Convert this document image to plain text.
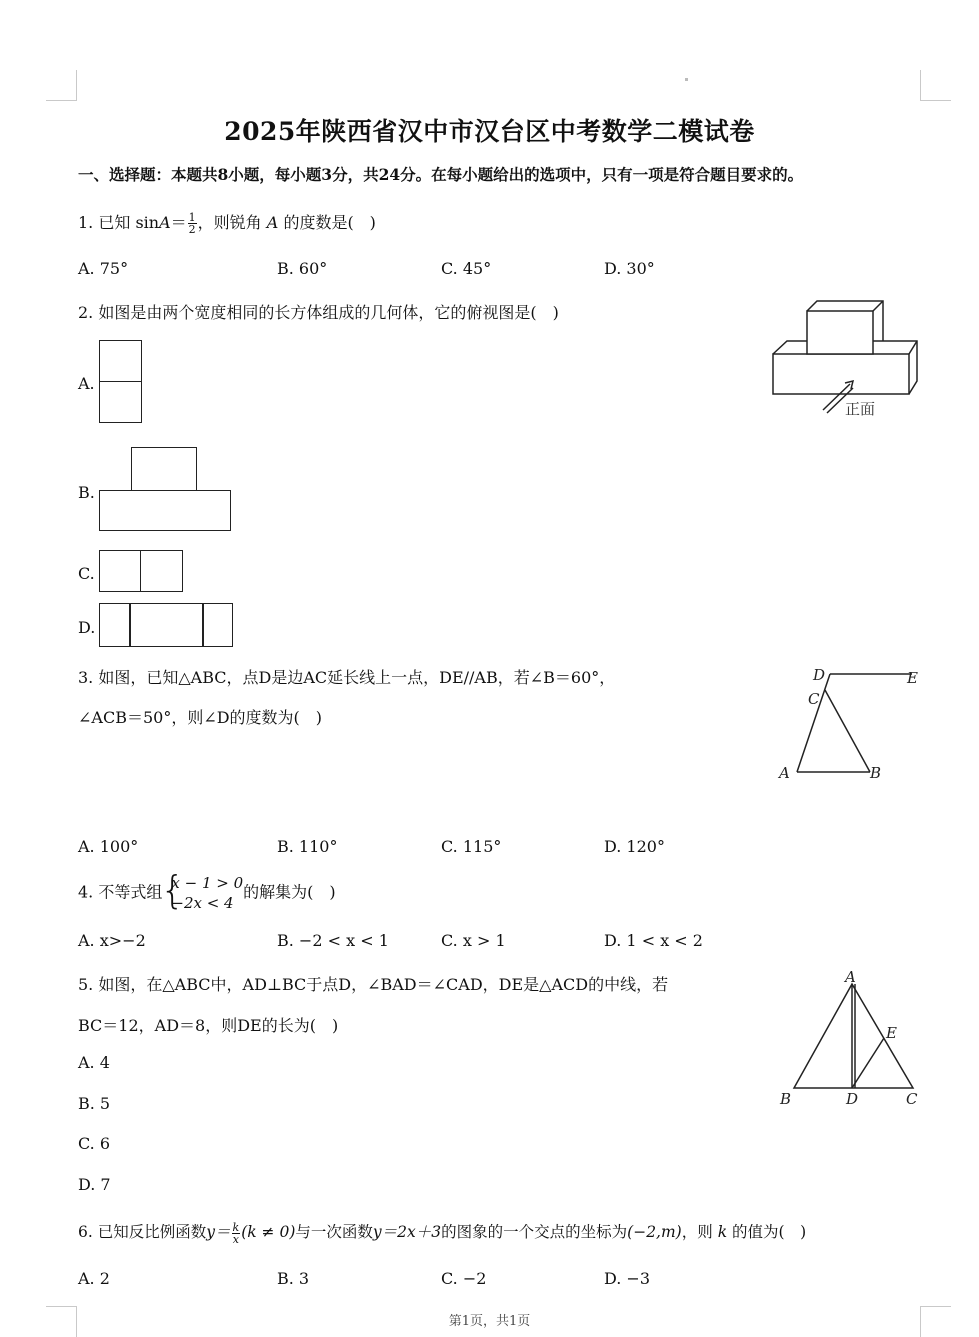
2025年陕西省汉中市汉台区中考数学二模试卷
一、选择题：本题共8小题，每小题3分，共24分。在每小题给出的选项中，只有一项是符合题目要求的。
1. 已知 $\sin A= \frac{1}{2}$ ，则锐角 A 的度数是(　)
A. 75°	B. 60°	C. 45°	D. 30°
2. 如图是由两个宽度相同的长方体组成的几何体，它的俯视图是(　)
正面
A.
B.
C.
D.
3. 如图，已知△ABC，点D是边AC延长线上一点，DE//AB，若∠B＝60°，
∠ACB＝50°，则∠D的度数为(　)
D	E
C
A	B
A. 100°	B. 110°	C. 115°	D. 120°
4. 不等式组
{
x − 1 > 0
−2x < 4
的解集为(　)
A. x>−2	B. −2 < x < 1	C. x > 1	D. 1 < x < 2
5. 如图，在△ABC中，AD⊥BC于点D，∠BAD＝∠CAD，DE是△ACD的中线，若
BC＝12，AD＝8，则DE的长为(　)
A
E
B	D	C
A. 4
B. 5
C. 6
D. 7
6. 已知反比例函数$y= \frac{k}{x} (k \ne 0)$与一次函数y＝2x＋3的图象的一个交点的坐标为(−2,m)，则 k 的值为(　)
A. 2	B. 3	C. −2	D. −3
第1页，共1页
